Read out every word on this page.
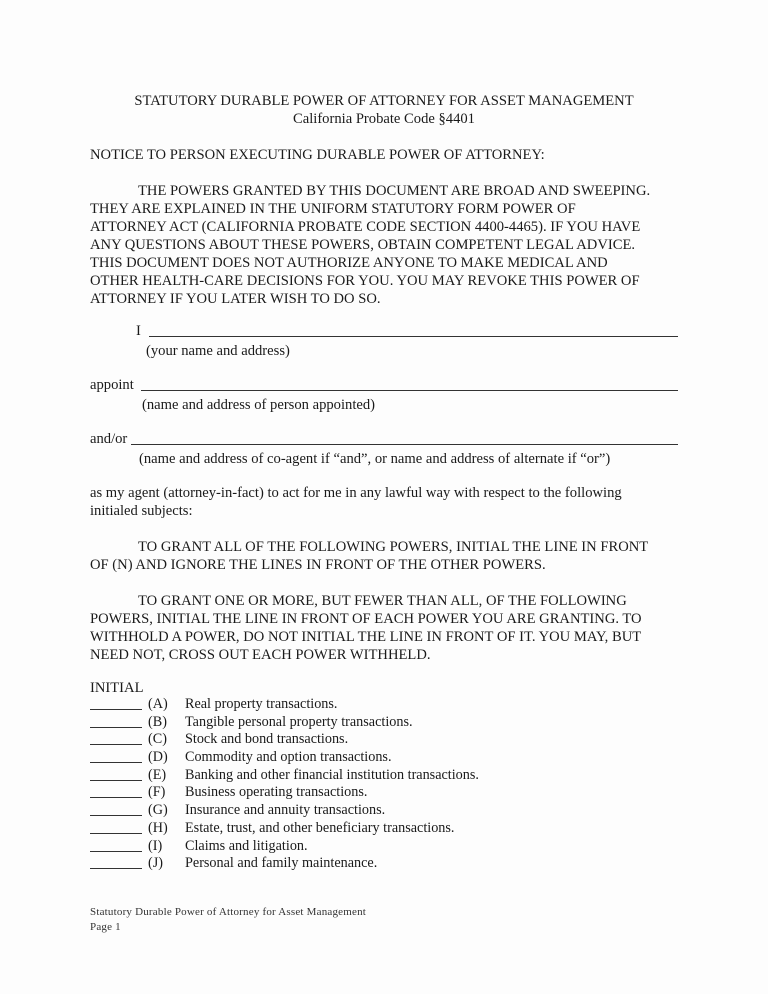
STATUTORY DURABLE POWER OF ATTORNEY FOR ASSET MANAGEMENT
California Probate Code §4401
NOTICE TO PERSON EXECUTING DURABLE POWER OF ATTORNEY:
THE POWERS GRANTED BY THIS DOCUMENT ARE BROAD AND SWEEPING.
THEY ARE EXPLAINED IN THE UNIFORM STATUTORY FORM POWER OF
ATTORNEY ACT (CALIFORNIA PROBATE CODE SECTION 4400-4465). IF YOU HAVE
ANY QUESTIONS ABOUT THESE POWERS, OBTAIN COMPETENT LEGAL ADVICE.
THIS DOCUMENT DOES NOT AUTHORIZE ANYONE TO MAKE MEDICAL AND
OTHER HEALTH-CARE DECISIONS FOR YOU. YOU MAY REVOKE THIS POWER OF
ATTORNEY IF YOU LATER WISH TO DO SO.
I
(your name and address)
appoint
(name and address of person appointed)
and/or
(name and address of co-agent if “and”, or name and address of alternate if “or”)
as my agent (attorney-in-fact) to act for me in any lawful way with respect to the following
initialed subjects:
TO GRANT ALL OF THE FOLLOWING POWERS, INITIAL THE LINE IN FRONT
OF (N) AND IGNORE THE LINES IN FRONT OF THE OTHER POWERS.
TO GRANT ONE OR MORE, BUT FEWER THAN ALL, OF THE FOLLOWING
POWERS, INITIAL THE LINE IN FRONT OF EACH POWER YOU ARE GRANTING. TO
WITHHOLD A POWER, DO NOT INITIAL THE LINE IN FRONT OF IT. YOU MAY, BUT
NEED NOT, CROSS OUT EACH POWER WITHHELD.
INITIAL
(A)	Real property transactions.
(B)	Tangible personal property transactions.
(C)	Stock and bond transactions.
(D)	Commodity and option transactions.
(E)	Banking and other financial institution transactions.
(F)	Business operating transactions.
(G)	Insurance and annuity transactions.
(H)	Estate, trust, and other beneficiary transactions.
(I)	Claims and litigation.
(J)	Personal and family maintenance.
Statutory Durable Power of Attorney for Asset Management
Page 1
